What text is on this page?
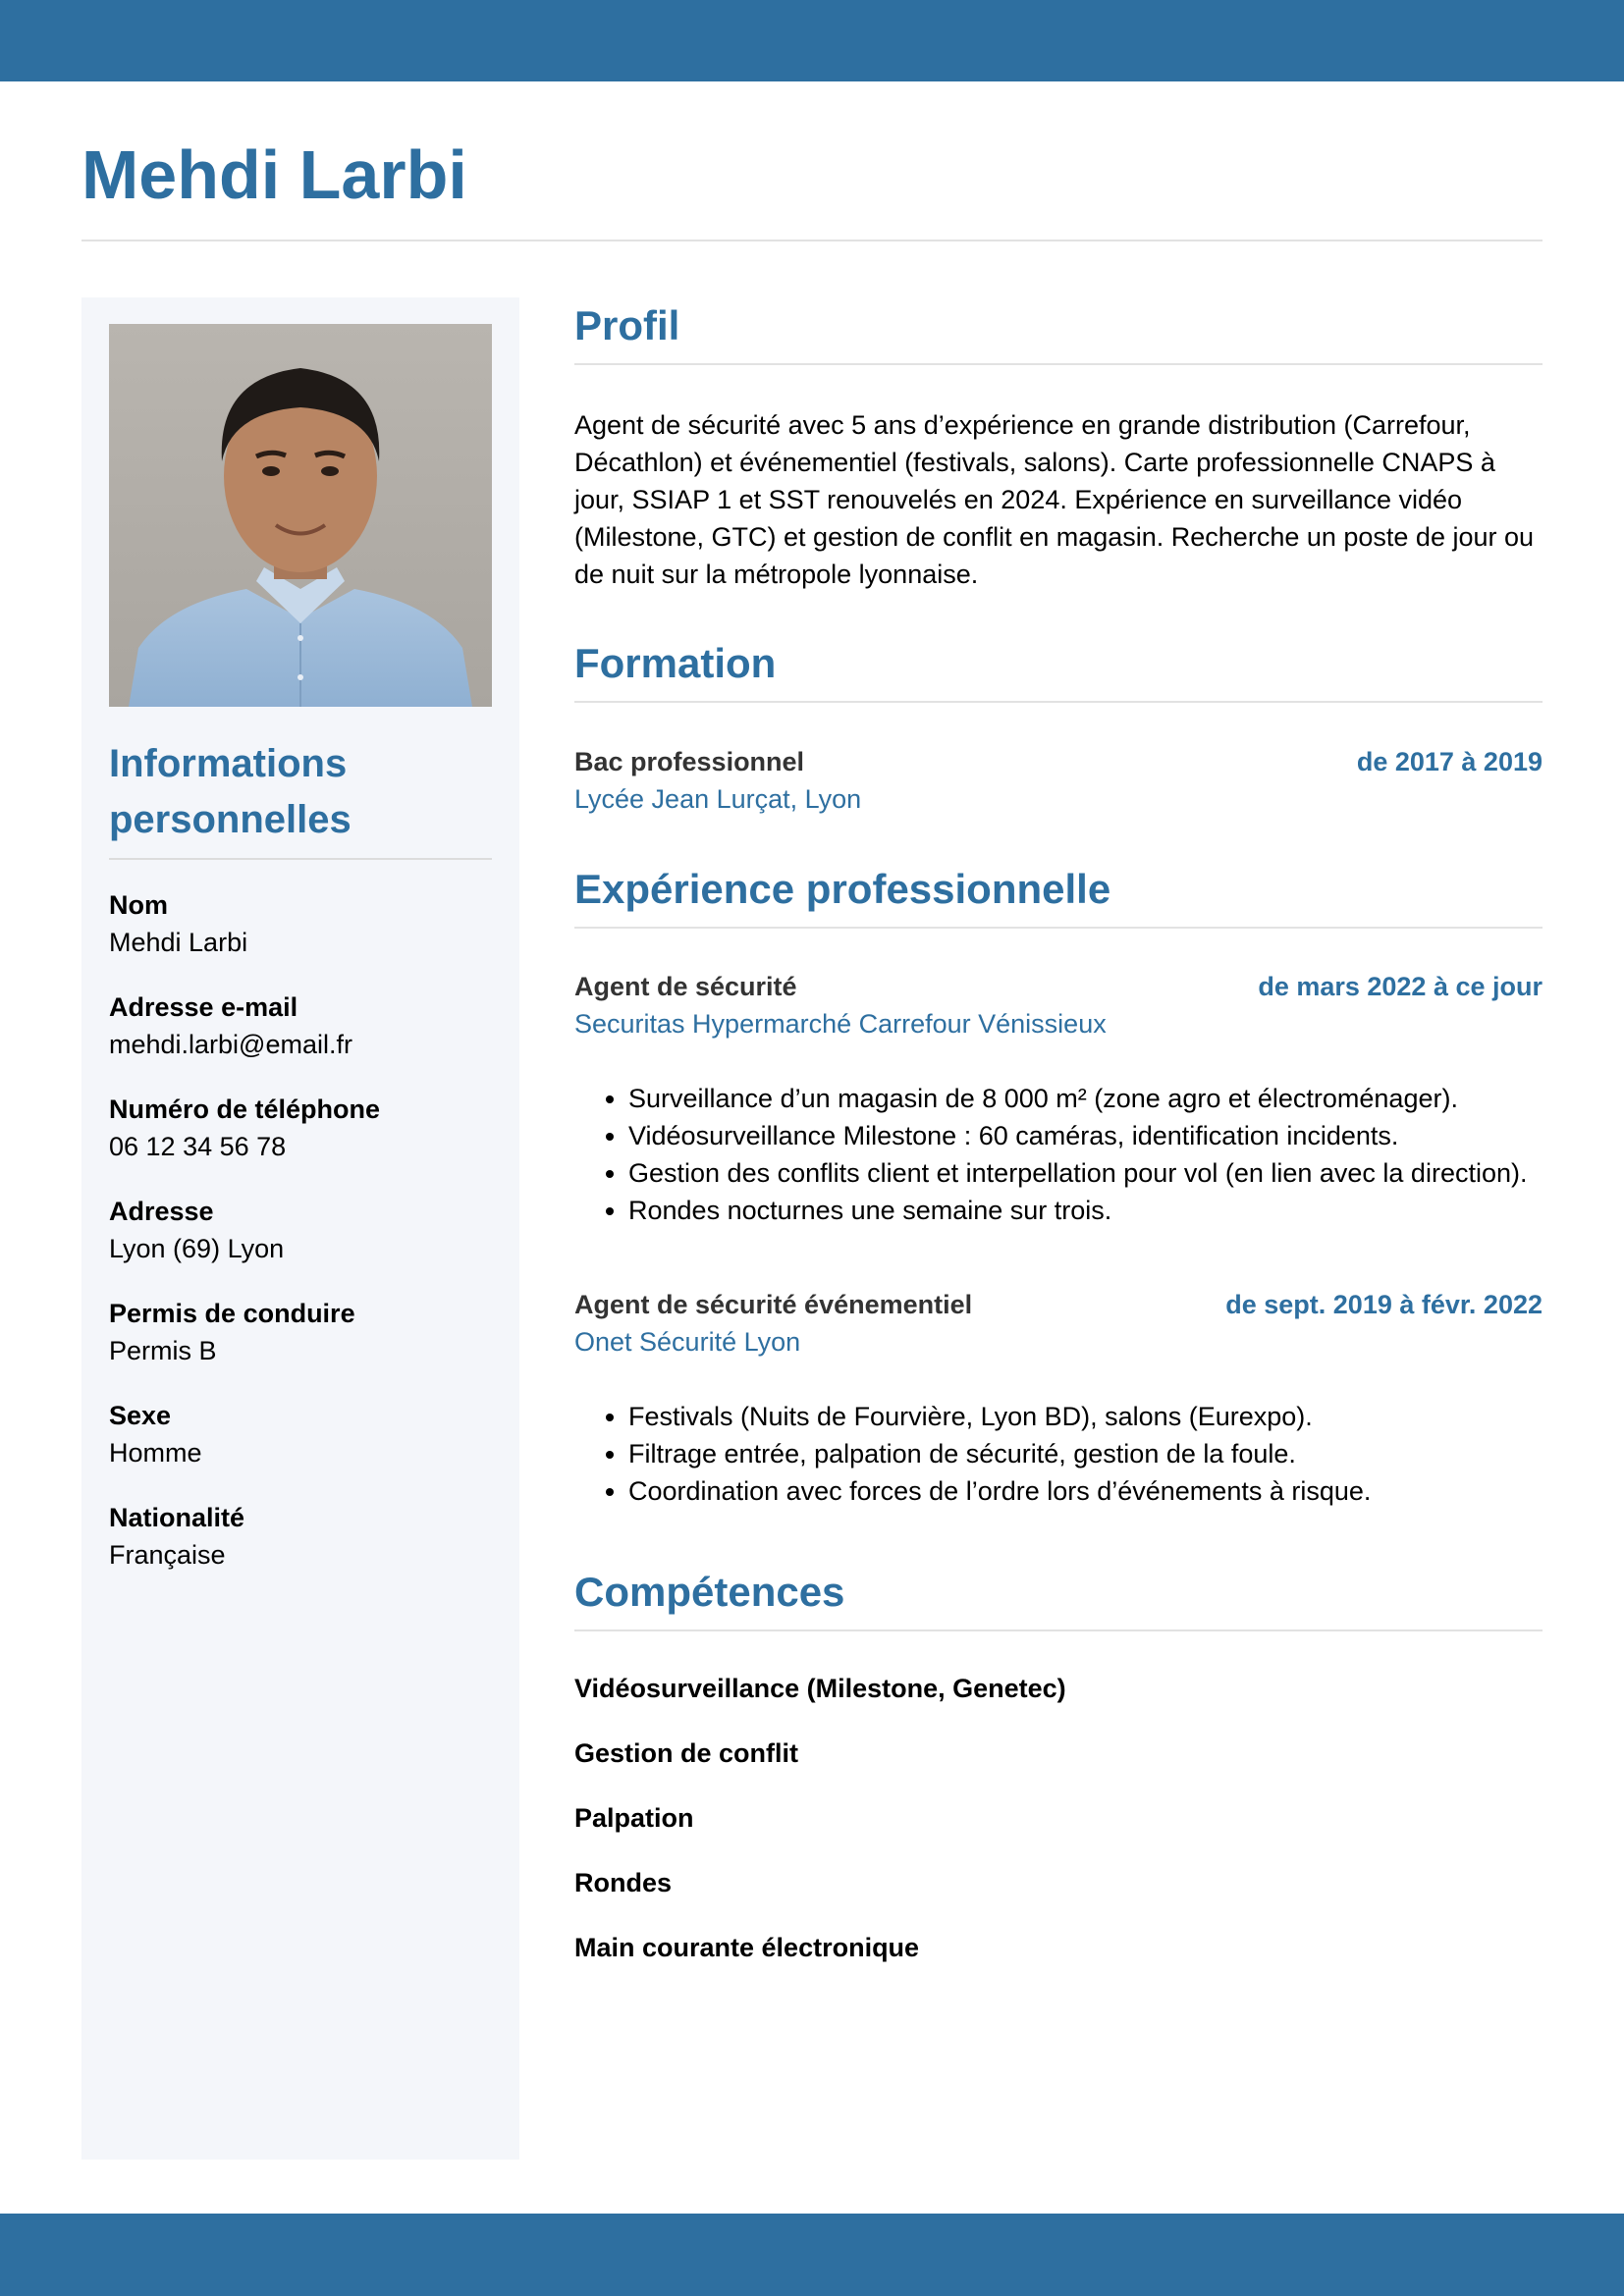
Mehdi Larbi
Informations personnelles
Nom
Mehdi Larbi
Adresse e-mail
mehdi.larbi@email.fr
Numéro de téléphone
06 12 34 56 78
Adresse
Lyon (69) Lyon
Permis de conduire
Permis B
Sexe
Homme
Nationalité
Française
Profil

Agent de sécurité avec 5 ans d’expérience en grande distribution (Carrefour, Décathlon) et événementiel (festivals, salons). Carte professionnelle CNAPS à jour, SSIAP 1 et SST renouvelés en 2024. Expérience en surveillance vidéo (Milestone, GTC) et gestion de conflit en magasin. Recherche un poste de jour ou de nuit sur la métropole lyonnaise.

Formation
Bac professionnel	de 2017 à 2019
Lycée Jean Lurçat, Lyon
Expérience professionnelle
Agent de sécurité	de mars 2022 à ce jour
Securitas Hypermarché Carrefour Vénissieux
• Surveillance d’un magasin de 8 000 m² (zone agro et électroménager).
• Vidéosurveillance Milestone : 60 caméras, identification incidents.
• Gestion des conflits client et interpellation pour vol (en lien avec la direction).
• Rondes nocturnes une semaine sur trois.
Agent de sécurité événementiel	de sept. 2019 à févr. 2022
Onet Sécurité Lyon
• Festivals (Nuits de Fourvière, Lyon BD), salons (Eurexpo).
• Filtrage entrée, palpation de sécurité, gestion de la foule.
• Coordination avec forces de l’ordre lors d’événements à risque.
Compétences
Vidéosurveillance (Milestone, Genetec)
Gestion de conflit
Palpation
Rondes
Main courante électronique
